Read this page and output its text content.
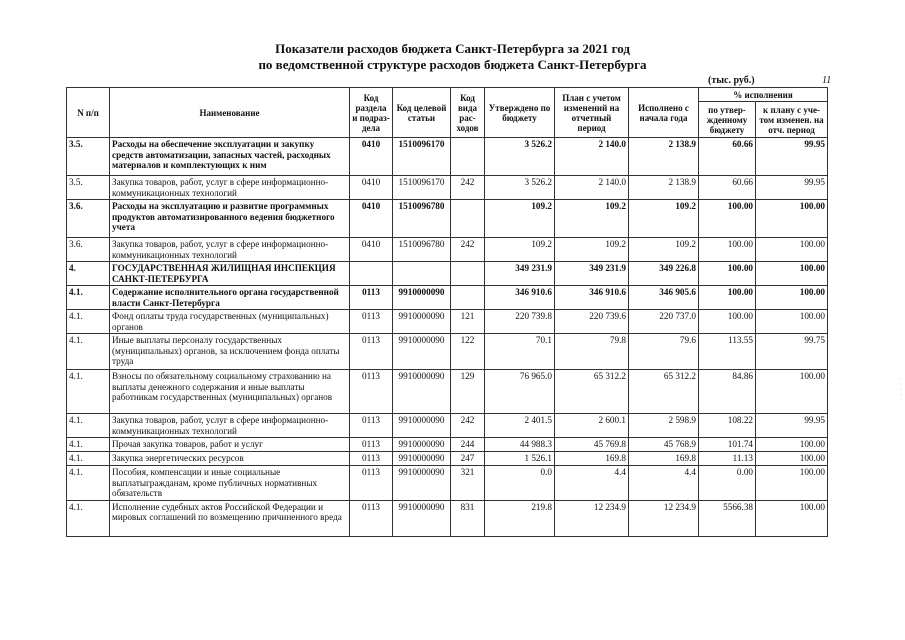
Показатели расходов бюджета Санкт-Петербурга за 2021 год
по ведомственной структуре расходов бюджета Санкт-Петербурга
(тыс. руб.)	11
N п/п	Наименование	Код раздела и подраз-дела	Код целевой статьи	Код вида рас-ходов	Утверждено по бюджету	План с учетом изменений на отчетный период	Исполнено с начала года	% исполнения	
								по утвер-жденному бюджету	к плану с уче-том изменен. на отч. период
3.5.	Расходы на обеспечение эксплуатации и закупку средств автоматизации, запасных частей, расходных материалов и комплектующих к ним	0410	1510096170		3 526.2	2 140.0	2 138.9	60.66	99.95
3.5.	Закупка товаров, работ, услуг в сфере информационно-коммуникационных технологий	0410	1510096170	242	3 526.2	2 140.0	2 138.9	60.66	99.95
3.6.	Расходы на эксплуатацию и развитие программных продуктов автоматизированного ведения бюджетного учета	0410	1510096780		109.2	109.2	109.2	100.00	100.00
3.6.	Закупка товаров, работ, услуг в сфере информационно-коммуникационных технологий	0410	1510096780	242	109.2	109.2	109.2	100.00	100.00
4.	ГОСУДАРСТВЕННАЯ ЖИЛИЩНАЯ ИНСПЕКЦИЯ САНКТ-ПЕТЕРБУРГА				349 231.9	349 231.9	349 226.8	100.00	100.00
4.1.	Содержание исполнительного органа государственной власти Санкт-Петербурга	0113	9910000090		346 910.6	346 910.6	346 905.6	100.00	100.00
4.1.	Фонд оплаты труда государственных (муниципальных) органов	0113	9910000090	121	220 739.8	220 739.6	220 737.0	100.00	100.00
4.1.	Иные выплаты персоналу государственных (муниципальных) органов, за исключением фонда оплаты труда	0113	9910000090	122	70.1	79.8	79.6	113.55	99.75
4.1.	Взносы по обязательному социальному страхованию на выплаты денежного содержания и иные выплаты работникам государственных (муниципальных) органов	0113	9910000090	129	76 965.0	65 312.2	65 312.2	84.86	100.00
4.1.	Закупка товаров, работ, услуг в сфере информационно-коммуникационных технологий	0113	9910000090	242	2 401.5	2 600.1	2 598.9	108.22	99.95
4.1.	Прочая закупка товаров, работ и услуг	0113	9910000090	244	44 988.3	45 769.8	45 768.9	101.74	100.00
4.1.	Закупка энергетических ресурсов	0113	9910000090	247	1 526.1	169.8	169.8	11.13	100.00
4.1.	Пособия, компенсации и иные социальные выплатыгражданам, кроме публичных нормативных обязательств	0113	9910000090	321	0.0	4.4	4.4	0.00	100.00
4.1.	Исполнение судебных актов Российской Федерации и мировых соглашений по возмещению причиненного вреда	0113	9910000090	831	219.8	12 234.9	12 234.9	5566.38	100.00
·
·
·
·
·
